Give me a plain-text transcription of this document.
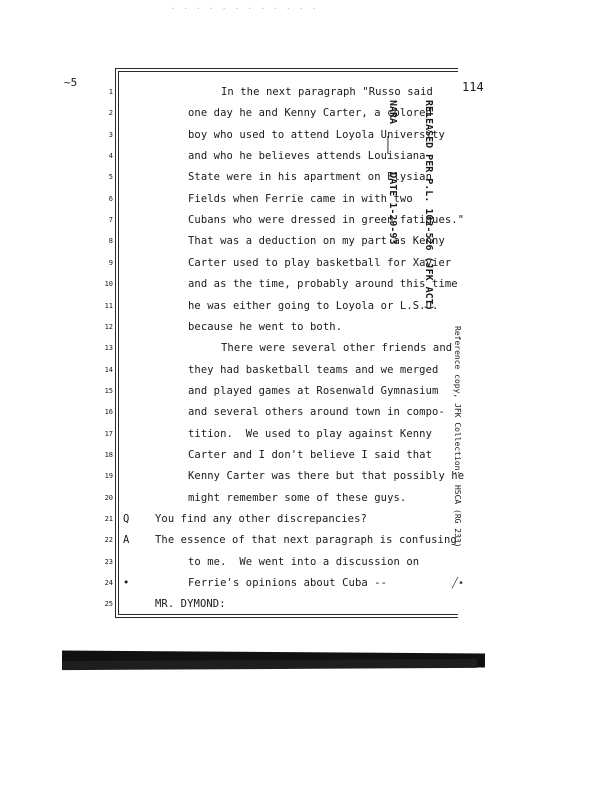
. . . . . . . . . . . .
~5	114
1	In the next paragraph "Russo said
2	one day he and Kenny Carter, a colored
3	boy who used to attend Loyola University
4	and who he believes attends Louisiana
5	State were in his apartment on Elysian
6	Fields when Ferrie came in with two
7	Cubans who were dressed in green fatigues."
8	That was a deduction on my part as Kenny
9	Carter used to play basketball for Xavier
10	and as the time, probably around this time
11	he was either going to Loyola or L.S.U.
12	because he went to both.
13	There were several other friends and
14	they had basketball teams and we merged
15	and played games at Rosenwald Gymnasium
16	and several others around town in compo-
17	tition.  We used to play against Kenny
18	Carter and I don't believe I said that
19	Kenny Carter was there but that possibly he
20	might remember some of these guys.
21 Q You find any other discrepancies?
22 A The essence of that next paragraph is confusing
23	to me.  We went into a discussion on
24 •	Ferrie's opinions about Cuba --
25	MR. DYMOND:

RELEASED PER P.L. 102-526 (JFK ACT)

NARA  ___   DATE 1-29-93

Reference copy, JFK Collection:  HSCA (RG 233)
╱•
